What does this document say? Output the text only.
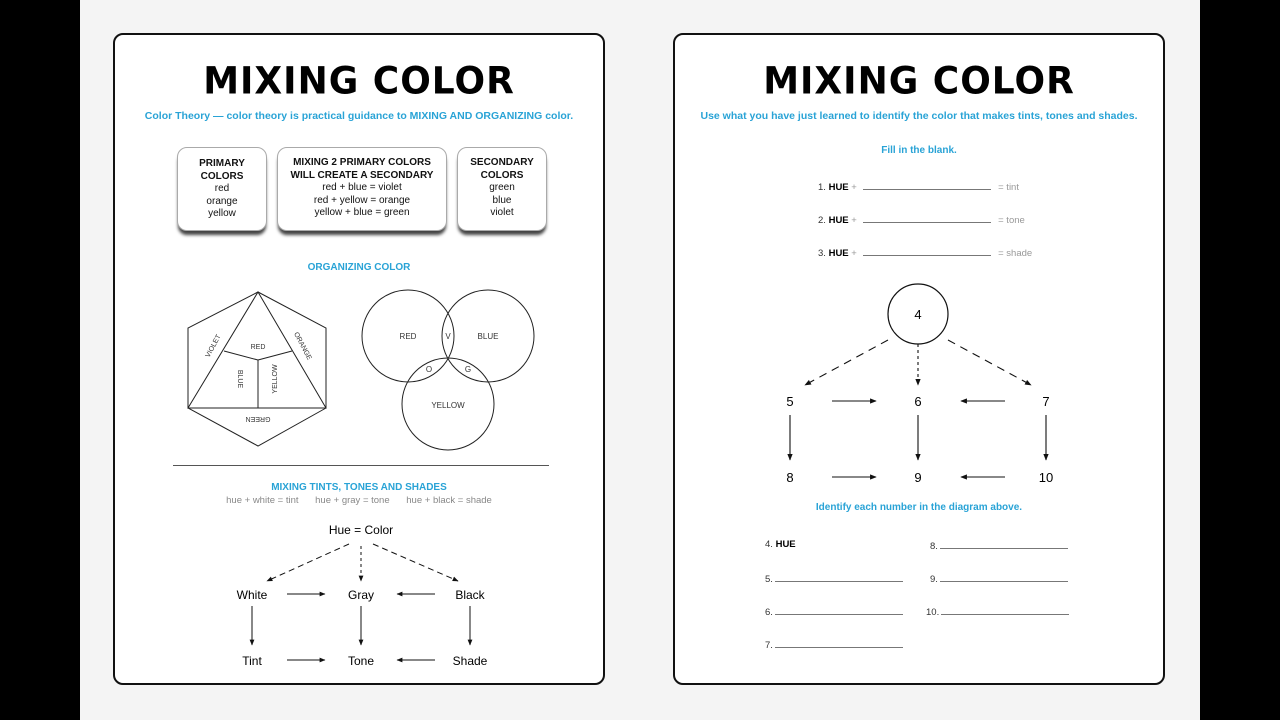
MIXING COLOR
Color Theory — color theory is practical guidance to MIXING AND ORGANIZING color.
PRIMARY
COLORS
red
orange
yellow
MIXING 2 PRIMARY COLORS
WILL CREATE A SECONDARY
red + blue = violet
red + yellow = orange
yellow + blue = green
SECONDARY
COLORS
green
blue
violet
ORGANIZING COLOR
RED
VIOLET	ORANGE
BLUE	YELLOW
GREEN
RED	BLUE
YELLOW
V
O	G
MIXING TINTS, TONES AND SHADES
hue + white = tint hue + gray = tone hue + black = shade
Hue = Color
White	Gray	Black
Tint	Tone	Shade
MIXING COLOR
Use what you have just learned to identify the color that makes tints, tones and shades.
Fill in the blank.
1. HUE +	= tint
2. HUE +	= tone
3. HUE +	= shade
4
5	6	7
8	9	10
Identify each number in the diagram above.
4. HUE
5.
6.
7.
8.
9.
10.
